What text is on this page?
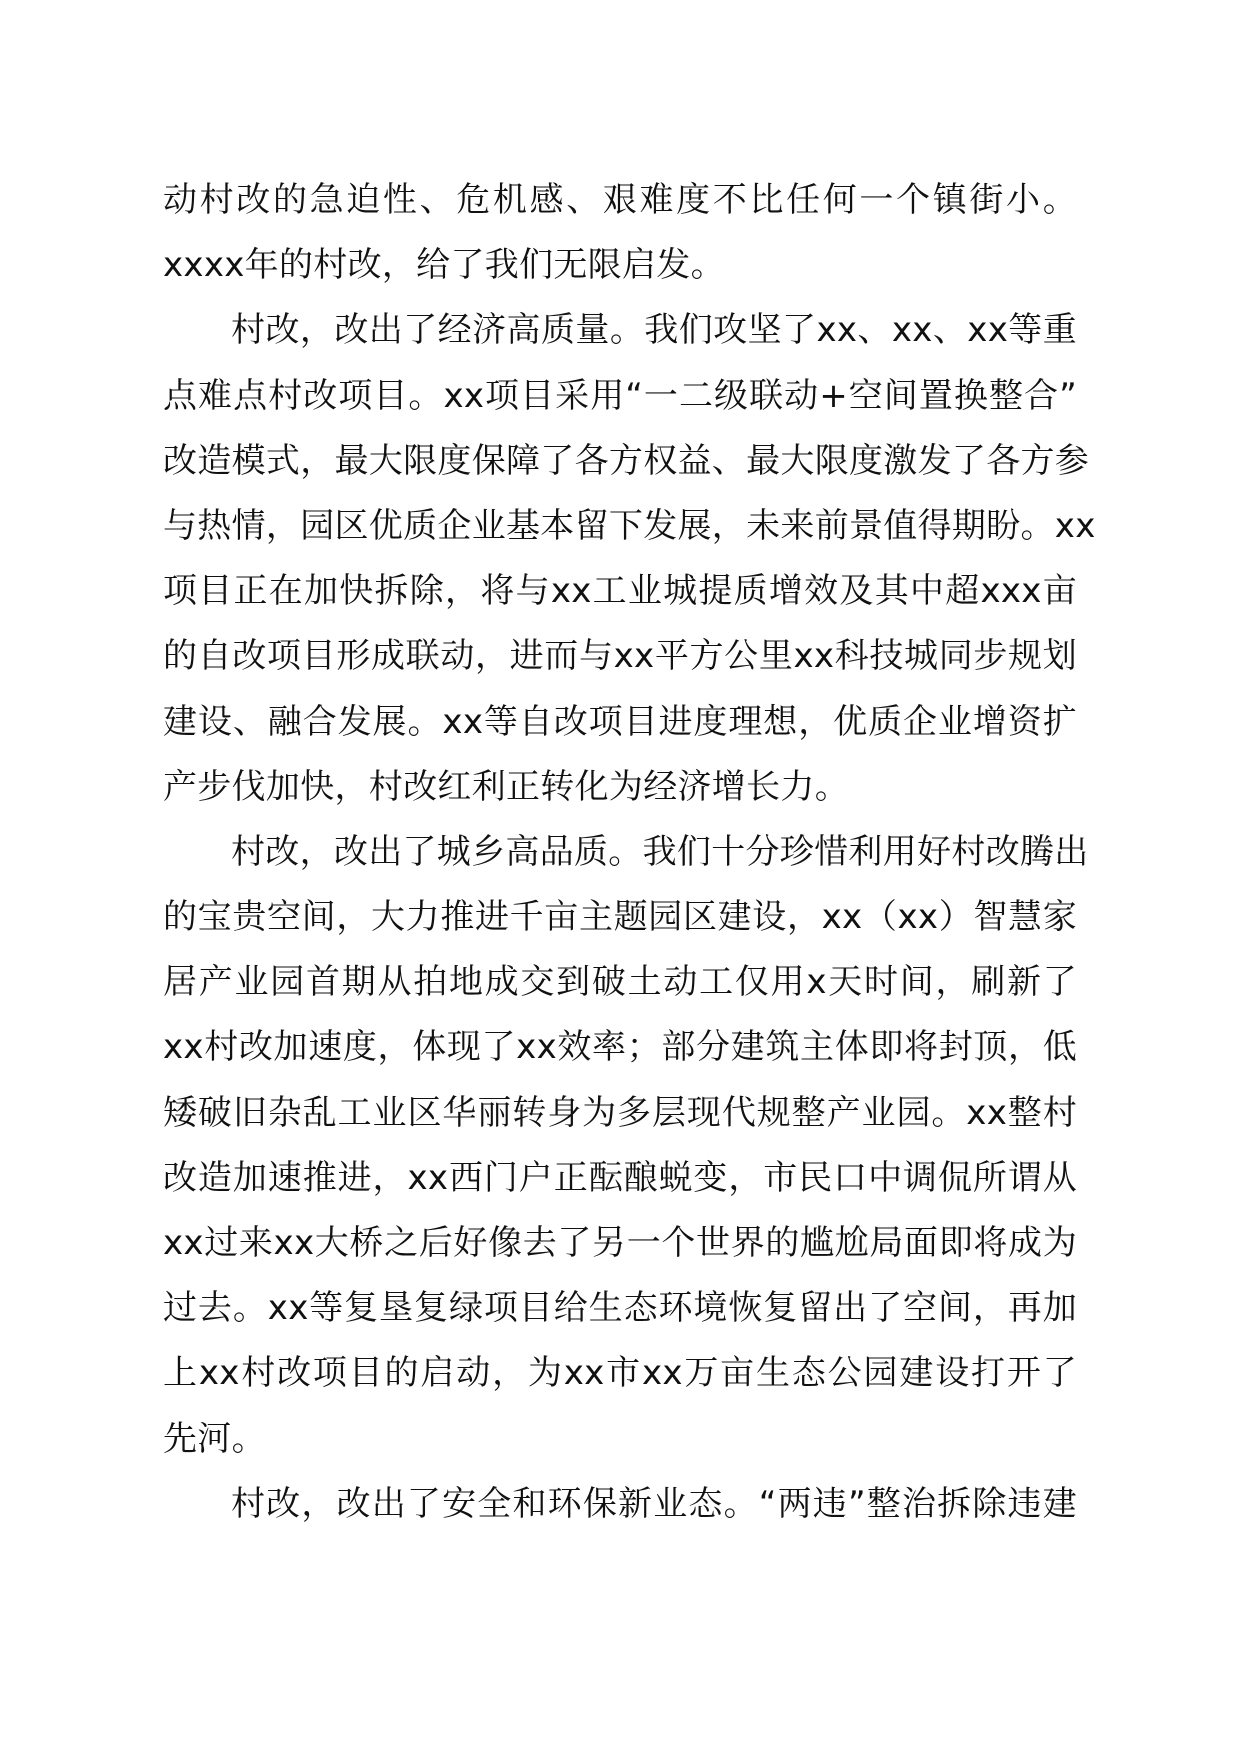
动村改的急迫性、危机感、艰难度不比任何一个镇街小。
xxxx年的村改，给了我们无限启发。
村改，改出了经济高质量。我们攻坚了xx、xx、xx等重
点难点村改项目。xx项目采用“一二级联动+空间置换整合”
改造模式，最大限度保障了各方权益、最大限度激发了各方参
与热情，园区优质企业基本留下发展，未来前景值得期盼。xx
项目正在加快拆除，将与xx工业城提质增效及其中超xxx亩
的自改项目形成联动，进而与xx平方公里xx科技城同步规划
建设、融合发展。xx等自改项目进度理想，优质企业增资扩
产步伐加快，村改红利正转化为经济增长力。
村改，改出了城乡高品质。我们十分珍惜利用好村改腾出
的宝贵空间，大力推进千亩主题园区建设，xx（xx）智慧家
居产业园首期从拍地成交到破土动工仅用x天时间，刷新了
xx村改加速度，体现了xx效率；部分建筑主体即将封顶，低
矮破旧杂乱工业区华丽转身为多层现代规整产业园。xx整村
改造加速推进，xx西门户正酝酿蜕变，市民口中调侃所谓从
xx过来xx大桥之后好像去了另一个世界的尴尬局面即将成为
过去。xx等复垦复绿项目给生态环境恢复留出了空间，再加
上xx村改项目的启动，为xx市xx万亩生态公园建设打开了
先河。
村改，改出了安全和环保新业态。“两违”整治拆除违建
